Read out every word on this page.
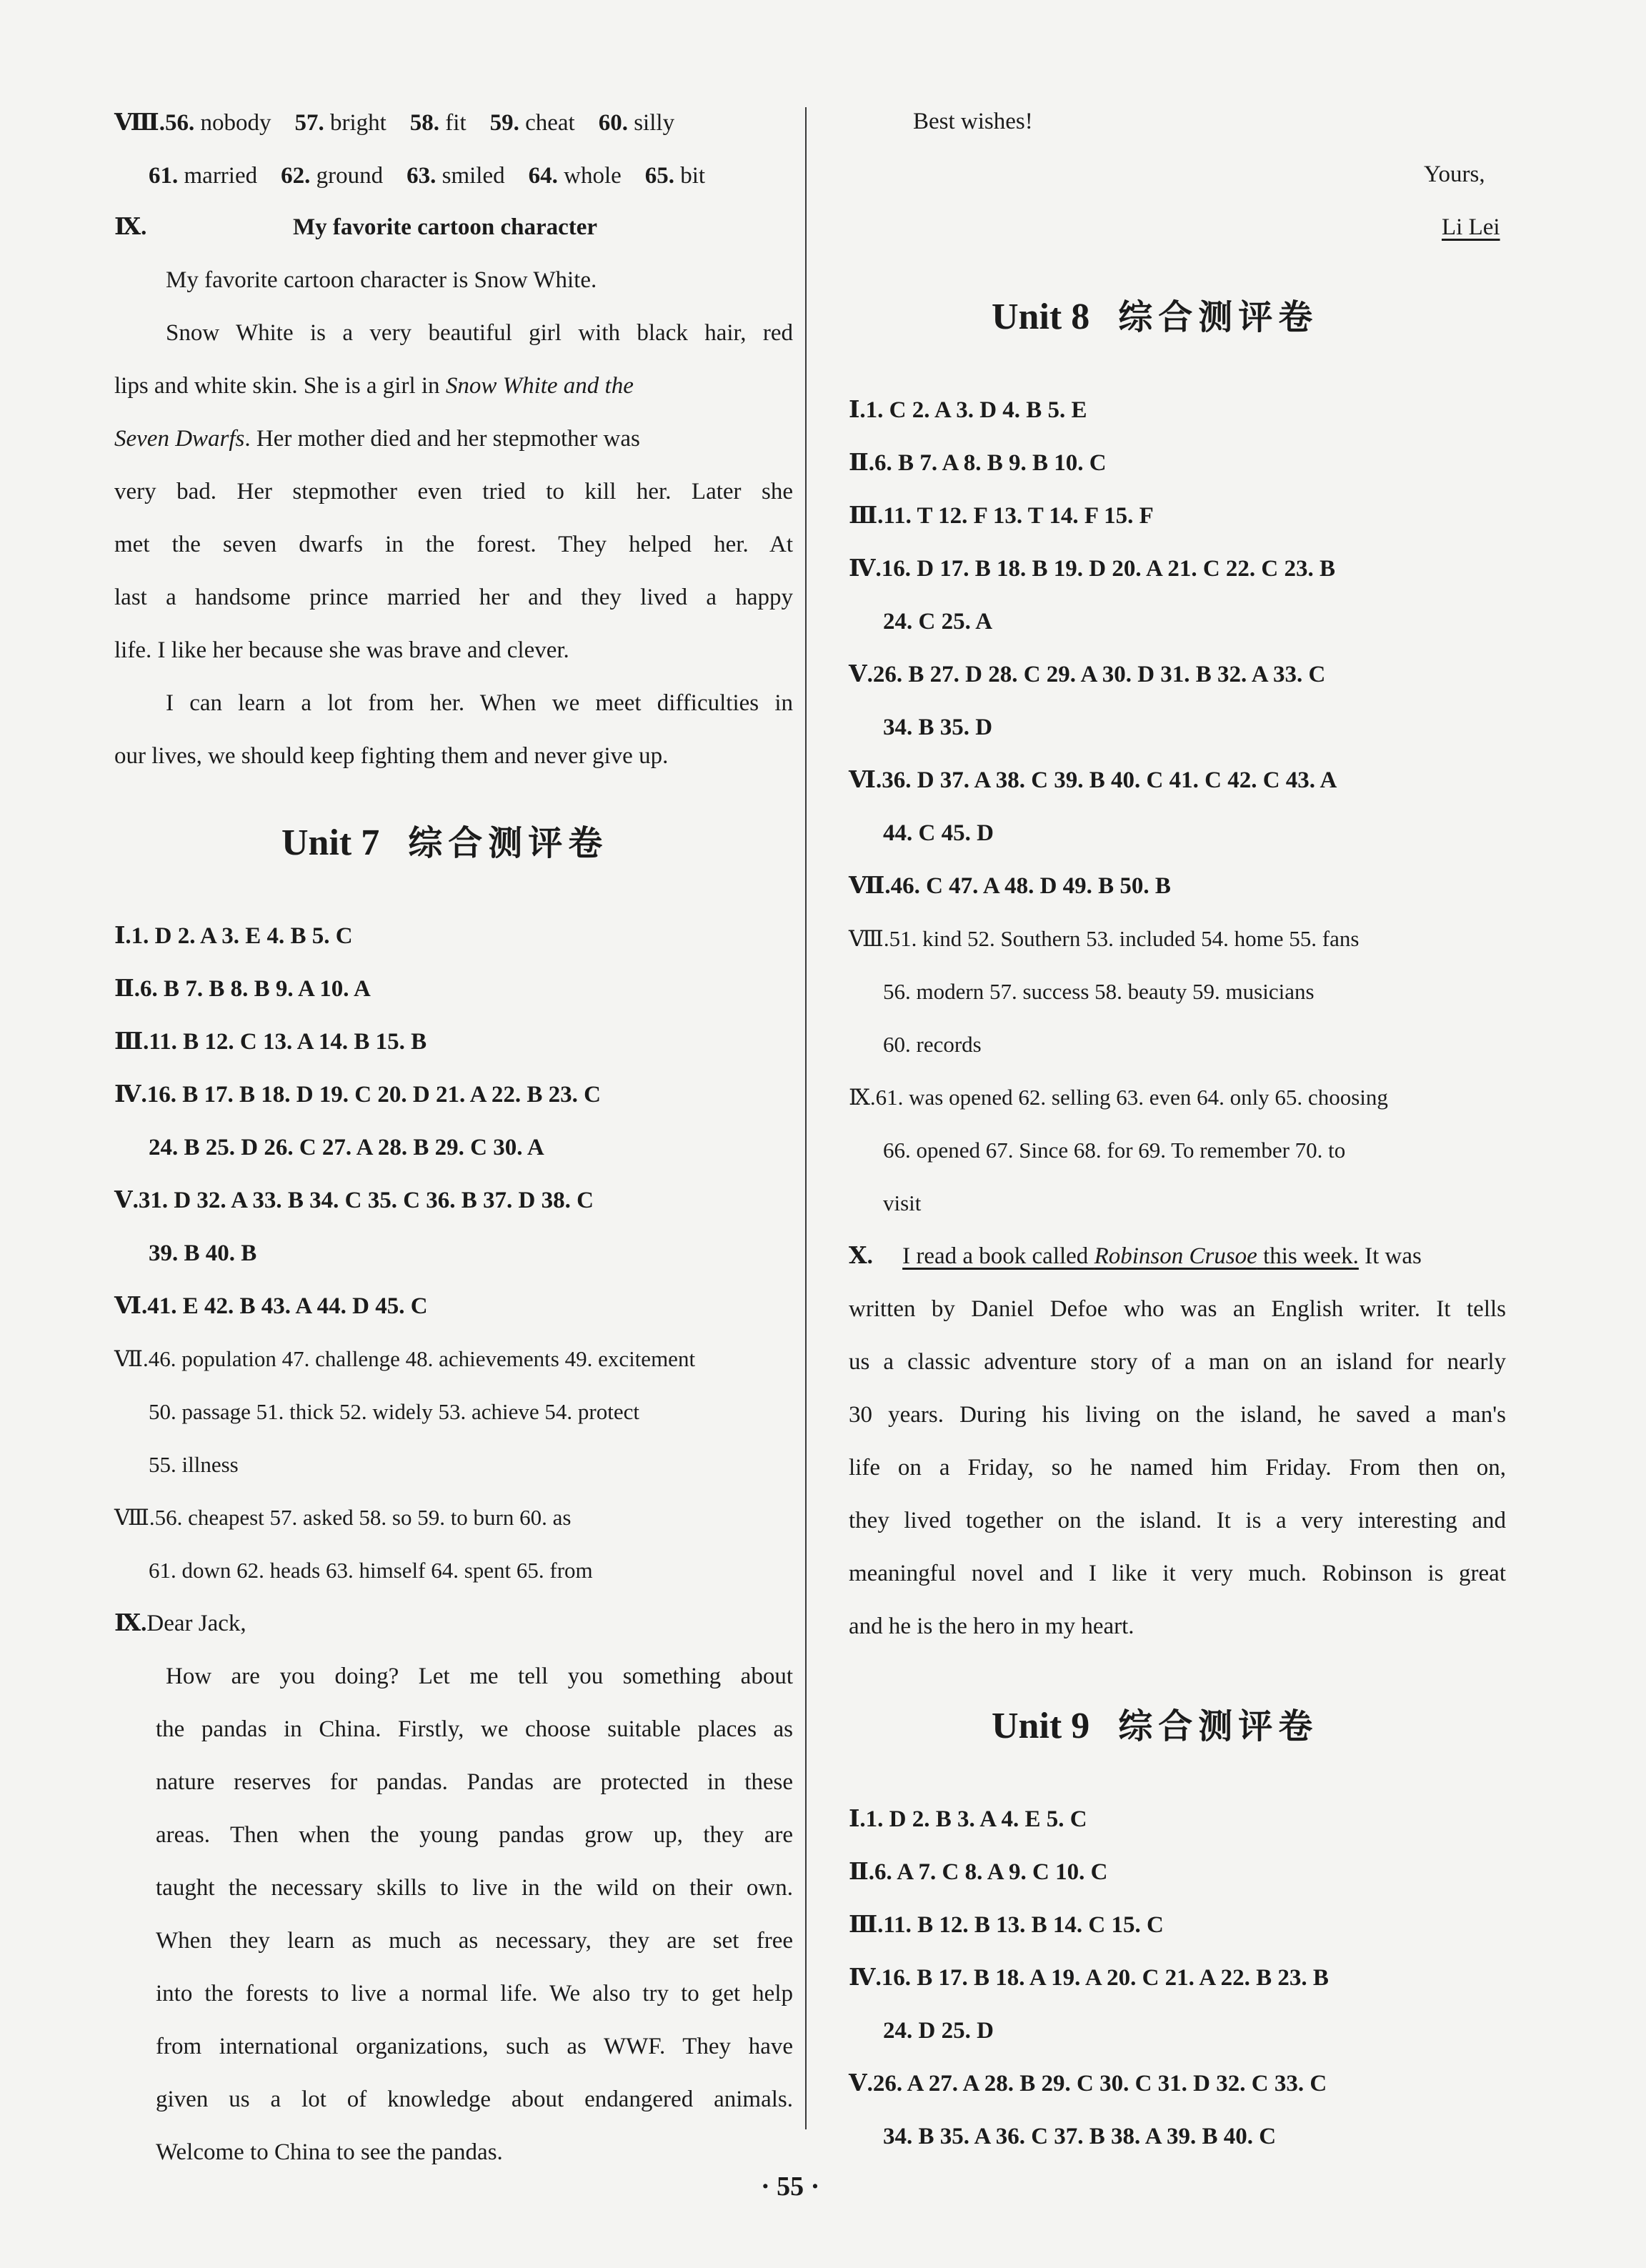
Ⅷ.56. nobody    57. bright    58. fit    59. cheat    60. silly
61. married    62. ground    63. smiled    64. whole    65. bit
Ⅸ.	My favorite cartoon character
My favorite cartoon character is Snow White.
Snow White is a very beautiful girl with black hair, red
lips and white skin. She is a girl in Snow White and the
Seven Dwarfs. Her mother died and her stepmother was
very bad. Her stepmother even tried to kill her. Later she
met the seven dwarfs in the forest. They helped her. At
last a handsome prince married her and they lived a happy
life. I like her because she was brave and clever.
I can learn a lot from her. When we meet difficulties in
our lives, we should keep fighting them and never give up.
Unit 7 综合测评卷
Ⅰ.1. D 2. A 3. E 4. B 5. C
Ⅱ.6. B 7. B 8. B 9. A 10. A
Ⅲ.11. B 12. C 13. A 14. B 15. B
Ⅳ.16. B 17. B 18. D 19. C 20. D 21. A 22. B 23. C
24. B 25. D 26. C 27. A 28. B 29. C 30. A
Ⅴ.31. D 32. A 33. B 34. C 35. C 36. B 37. D 38. C
39. B 40. B
Ⅵ.41. E 42. B 43. A 44. D 45. C
Ⅶ.46. population 47. challenge 48. achievements 49. excitement
50. passage 51. thick 52. widely 53. achieve 54. protect
55. illness
Ⅷ.56. cheapest 57. asked 58. so 59. to burn 60. as
61. down 62. heads 63. himself 64. spent 65. from
Ⅸ.Dear Jack,
How are you doing? Let me tell you something about
the pandas in China. Firstly, we choose suitable places as
nature reserves for pandas. Pandas are protected in these
areas. Then when the young pandas grow up, they are
taught the necessary skills to live in the wild on their own.
When they learn as much as necessary, they are set free
into the forests to live a normal life. We also try to get help
from international organizations, such as WWF. They have
given us a lot of knowledge about endangered animals.
Welcome to China to see the pandas.
Best wishes!
Yours,
Li Lei
Unit 8 综合测评卷
Ⅰ.1. C 2. A 3. D 4. B 5. E
Ⅱ.6. B 7. A 8. B 9. B 10. C
Ⅲ.11. T 12. F 13. T 14. F 15. F
Ⅳ.16. D 17. B 18. B 19. D 20. A 21. C 22. C 23. B
24. C 25. A
Ⅴ.26. B 27. D 28. C 29. A 30. D 31. B 32. A 33. C
34. B 35. D
Ⅵ.36. D 37. A 38. C 39. B 40. C 41. C 42. C 43. A
44. C 45. D
Ⅶ.46. C 47. A 48. D 49. B 50. B
Ⅷ.51. kind 52. Southern 53. included 54. home 55. fans
56. modern 57. success 58. beauty 59. musicians
60. records
Ⅸ.61. was opened 62. selling 63. even 64. only 65. choosing
66. opened 67. Since 68. for 69. To remember 70. to
visit
Ⅹ. I read a book called Robinson Crusoe this week. It was
written by Daniel Defoe who was an English writer. It tells
us a classic adventure story of a man on an island for nearly
30 years. During his living on the island, he saved a man's
life on a Friday, so he named him Friday. From then on,
they lived together on the island. It is a very interesting and
meaningful novel and I like it very much. Robinson is great
and he is the hero in my heart.
Unit 9 综合测评卷
Ⅰ.1. D 2. B 3. A 4. E 5. C
Ⅱ.6. A 7. C 8. A 9. C 10. C
Ⅲ.11. B 12. B 13. B 14. C 15. C
Ⅳ.16. B 17. B 18. A 19. A 20. C 21. A 22. B 23. B
24. D 25. D
Ⅴ.26. A 27. A 28. B 29. C 30. C 31. D 32. C 33. C
34. B 35. A 36. C 37. B 38. A 39. B 40. C
· 55 ·
